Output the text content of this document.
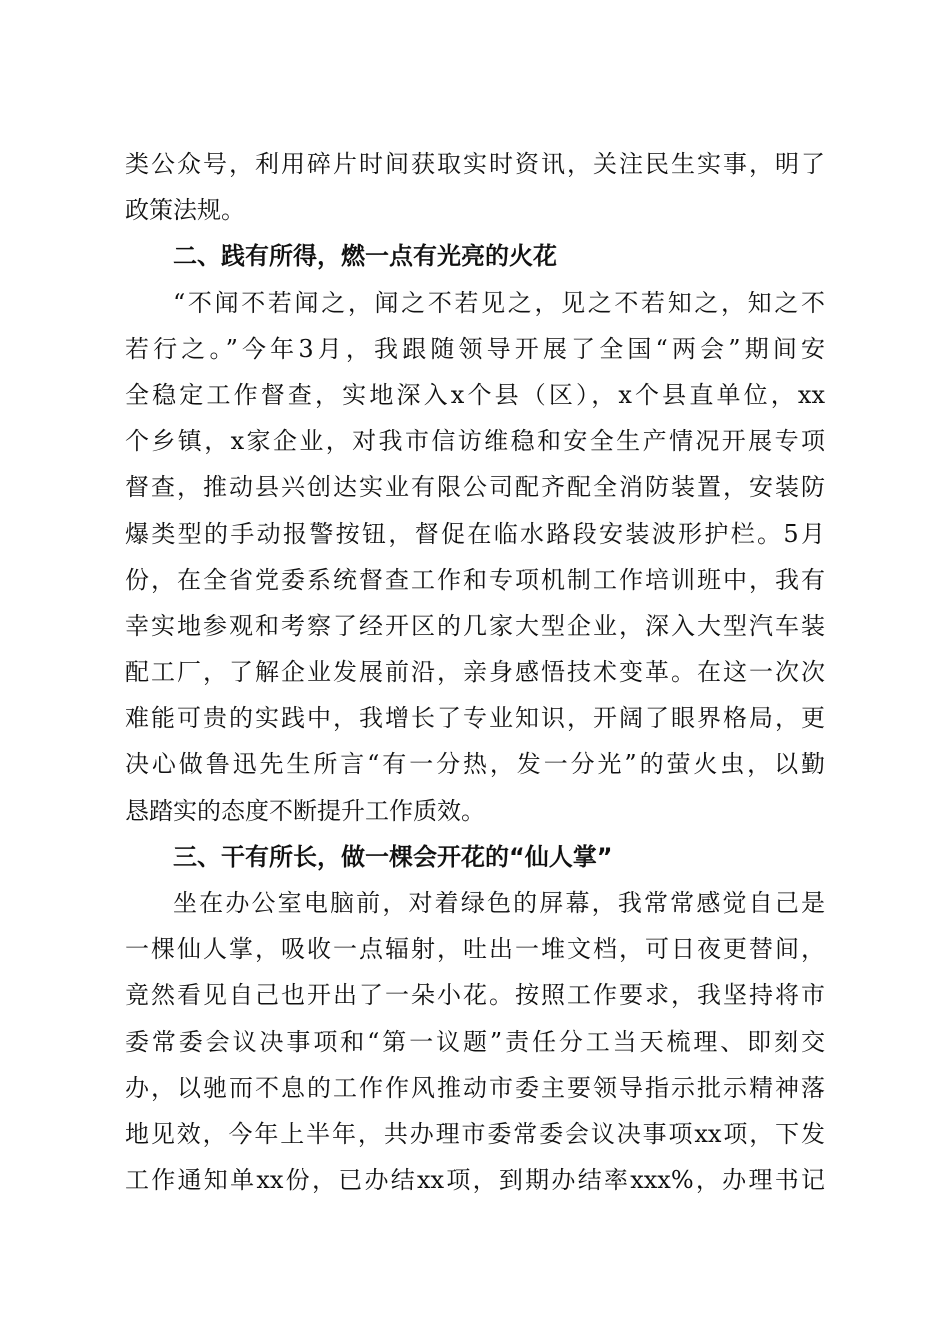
类公众号，利用碎片时间获取实时资讯，关注民生实事，明了
政策法规。
二、践有所得，燃一点有光亮的火花
“不闻不若闻之，闻之不若见之，见之不若知之，知之不
若行之。”今年3月，我跟随领导开展了全国“两会”期间安
全稳定工作督查，实地深入x个县（区），x个县直单位，xx
个乡镇，x家企业，对我市信访维稳和安全生产情况开展专项
督查，推动县兴创达实业有限公司配齐配全消防装置，安装防
爆类型的手动报警按钮，督促在临水路段安装波形护栏。5月
份，在全省党委系统督查工作和专项机制工作培训班中，我有
幸实地参观和考察了经开区的几家大型企业，深入大型汽车装
配工厂，了解企业发展前沿，亲身感悟技术变革。在这一次次
难能可贵的实践中，我增长了专业知识，开阔了眼界格局，更
决心做鲁迅先生所言“有一分热，发一分光”的萤火虫，以勤
恳踏实的态度不断提升工作质效。
三、干有所长，做一棵会开花的“仙人掌”
坐在办公室电脑前，对着绿色的屏幕，我常常感觉自己是
一棵仙人掌，吸收一点辐射，吐出一堆文档，可日夜更替间，
竟然看见自己也开出了一朵小花。按照工作要求，我坚持将市
委常委会议决事项和“第一议题”责任分工当天梳理、即刻交
办，以驰而不息的工作作风推动市委主要领导指示批示精神落
地见效，今年上半年，共办理市委常委会议决事项xx项，下发
工作通知单xx份，已办结xx项，到期办结率xxx%，办理书记
